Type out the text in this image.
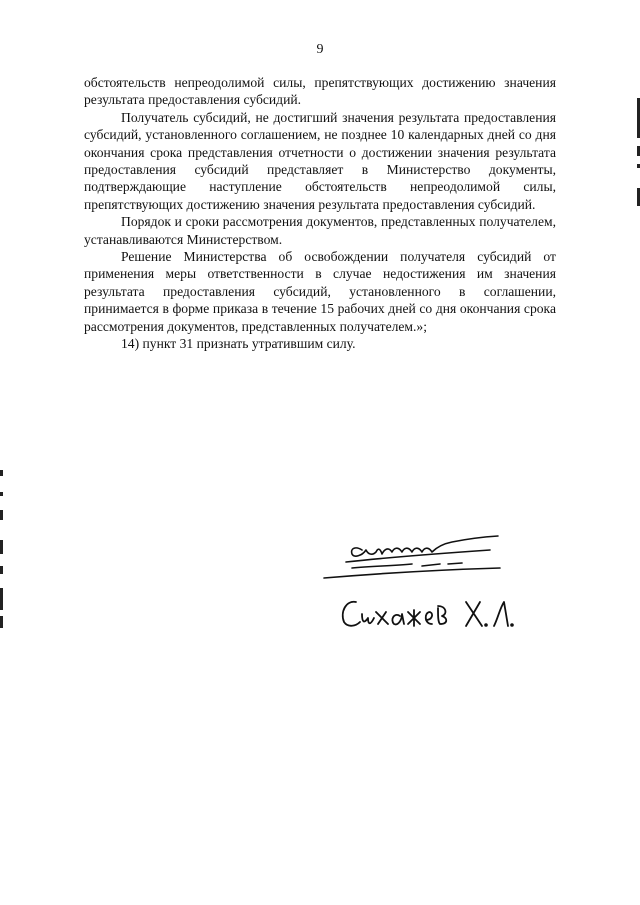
9

обстоятельств непреодолимой силы, препятствующих достижению значения результата предоставления субсидий.

Получатель субсидий, не достигший значения результата предоставления субсидий, установленного соглашением, не позднее 10 календарных дней со дня окончания срока представления отчетности о достижении значения результата предоставления субсидий представляет в Министерство документы, подтверждающие наступление обстоятельств непреодолимой силы, препятствующих достижению значения результата предоставления субсидий.

Порядок и сроки рассмотрения документов, представленных получателем, устанавливаются Министерством.

Решение Министерства об освобождении получателя субсидий от применения меры ответственности в случае недостижения им значения результата предоставления субсидий, установленного в соглашении, принимается в форме приказа в течение 15 рабочих дней со дня окончания срока рассмотрения документов, представленных получателем.»;

14) пункт 31 признать утратившим силу.
